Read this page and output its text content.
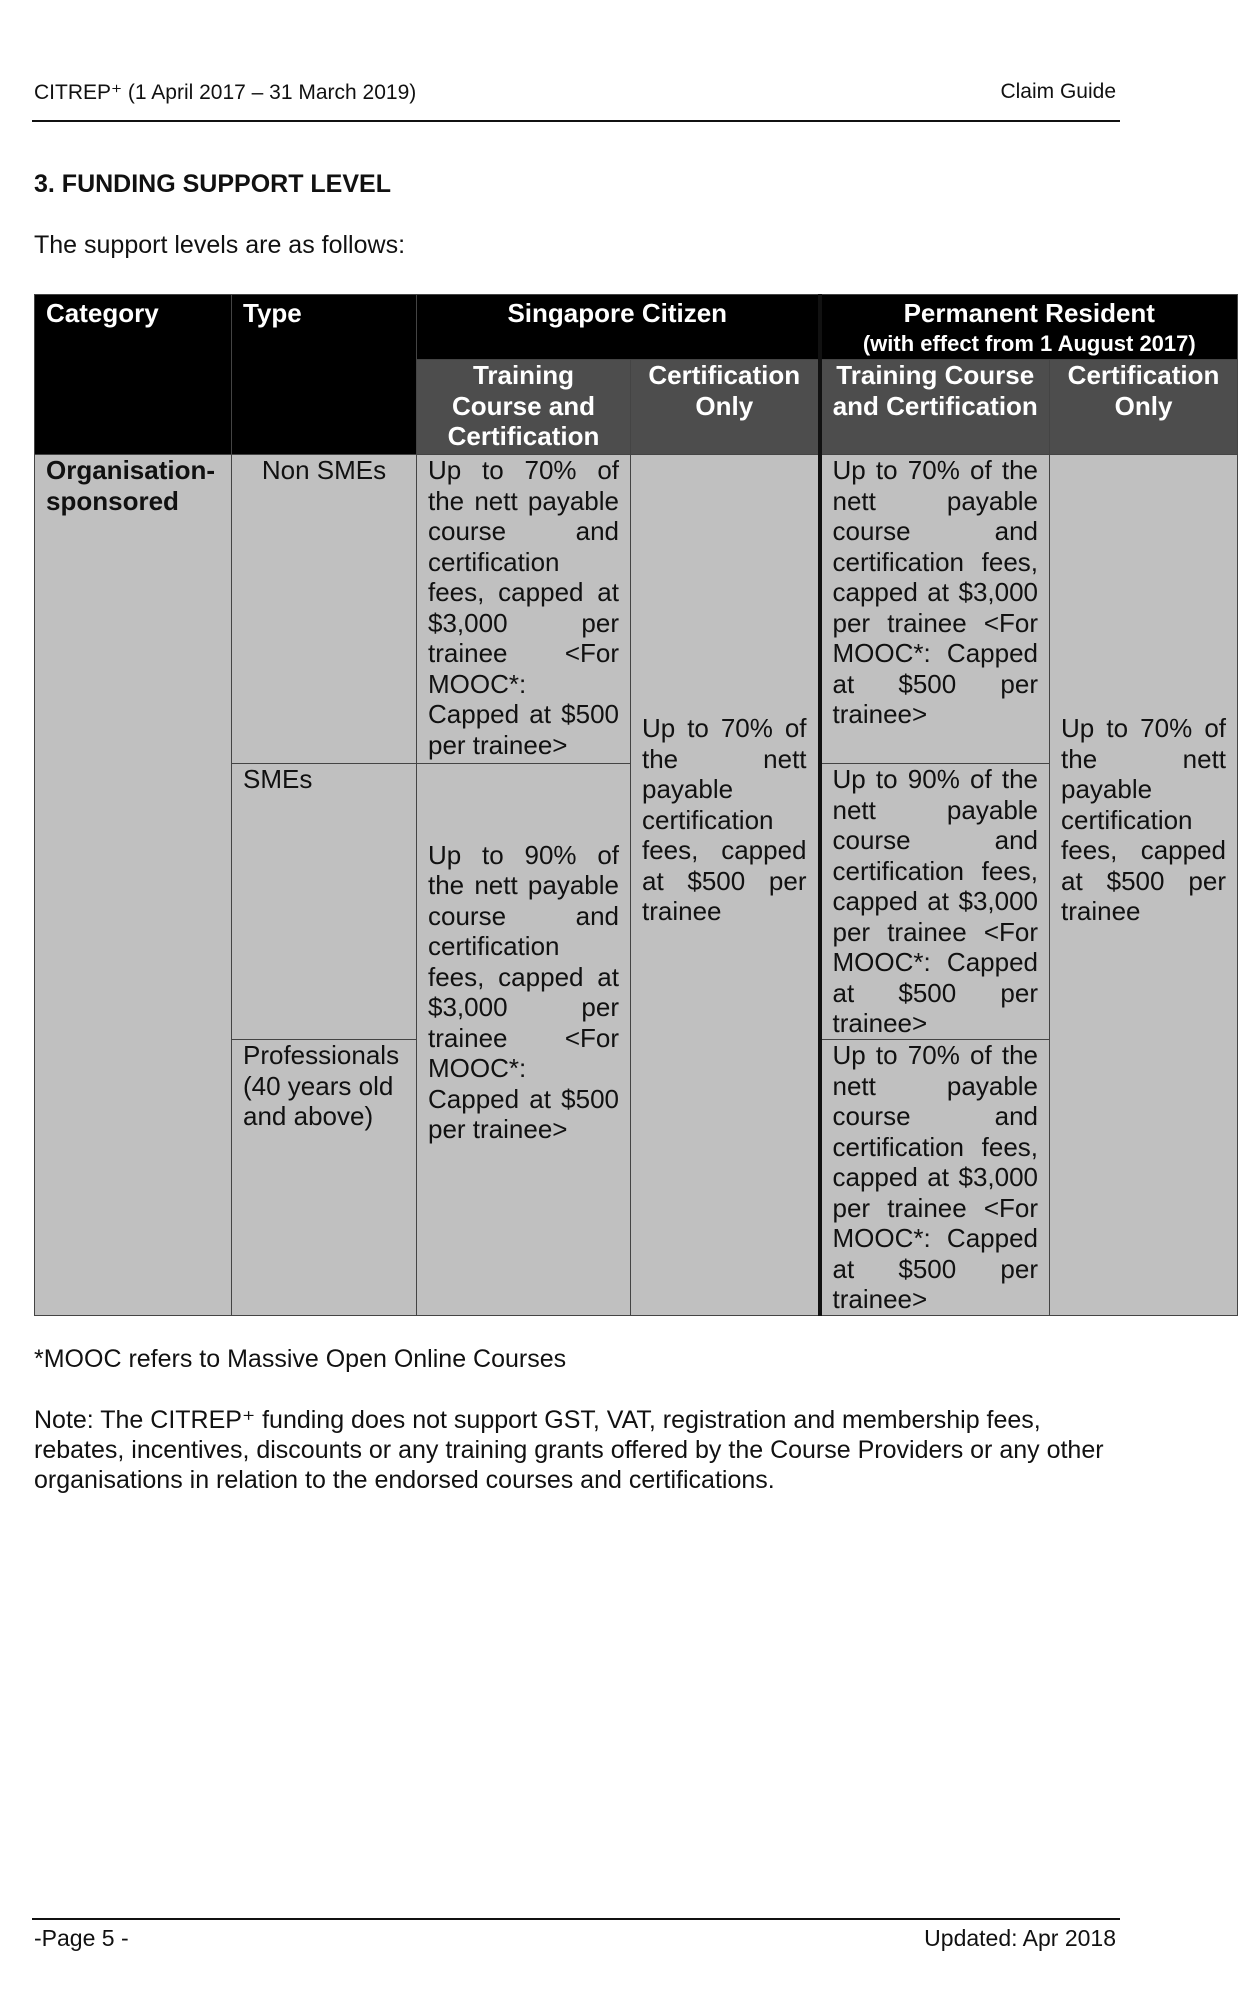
CITREP⁺ (1 April 2017 – 31 March 2019)	Claim Guide
3. FUNDING SUPPORT LEVEL
The support levels are as follows:
Category	Type	Singapore Citizen		Permanent Resident
(with effect from 1 August 2017)	

		Training Course and Certification	Certification Only	Training Course and Certification	Certification Only
Organisation-sponsored	Non SMEs	Up to 70% of the nett payable course and certification fees, capped at $3,000 per trainee <For MOOC*: Capped at $500 per trainee>	Up to 70% of the nett payable certification fees, capped at $500 per trainee	Up to 70% of the nett payable course and certification fees, capped at $3,000 per trainee <For MOOC*: Capped at $500 per trainee>	Up to 70% of the nett payable certification fees, capped at $500 per trainee
	SMEs	Up to 90% of the nett payable course and certification fees, capped at $3,000 per trainee <For MOOC*: Capped at $500 per trainee>		Up to 90% of the nett payable course and certification fees, capped at $3,000 per trainee <For MOOC*: Capped at $500 per trainee>	
	Professionals (40 years old and above)			Up to 70% of the nett payable course and certification fees, capped at $3,000 per trainee <For MOOC*: Capped at $500 per trainee>	
*MOOC refers to Massive Open Online Courses
Note: The CITREP⁺ funding does not support GST, VAT, registration and membership fees, rebates, incentives, discounts or any training grants offered by the Course Providers or any other organisations in relation to the endorsed courses and certifications.
-Page 5 -	Updated: Apr 2018
